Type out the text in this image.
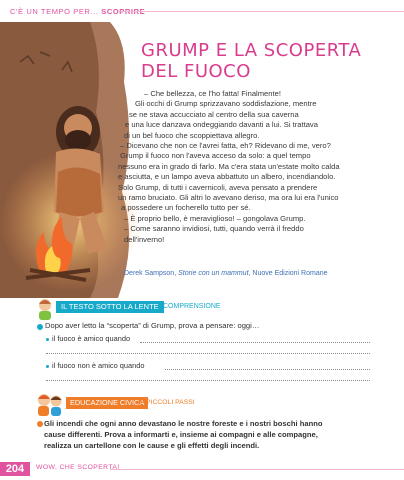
C'È UN TEMPO PER... SCOPRIRE
GRUMP E LA SCOPERTA
DEL FUOCO

– Che bellezza, ce l'ho fatta! Finalmente!

Gli occhi di Grump sprizzavano soddisfazione, mentre

se ne stava accucciato al centro della sua caverna

e una luce danzava ondeggiando davanti a lui. Si trattava

di un bel fuoco che scoppiettava allegro.

– Dicevano che non ce l'avrei fatta, eh? Ridevano di me, vero?

Grump il fuoco non l'aveva acceso da solo: a quel tempo

nessuno era in grado di farlo. Ma c'era stata un'estate molto calda

e asciutta, e un lampo aveva abbattuto un albero, incendiandolo.

Solo Grump, di tutti i cavernicoli, aveva pensato a prendere

un ramo bruciato. Gli altri lo avevano deriso, ma ora lui era l'unico

a possedere un focherello tutto per sé.

– È proprio bello, è meraviglioso! – gongolava Grump.

– Come saranno invidiosi, tutti, quando verrà il freddo

dell'inverno!

Derek Sampson, Storie con un mammut, Nuove Edizioni Romane
IL TESTO SOTTO LA LENTE COMPRENSIONE
Dopo aver letto la “scoperta” di Grump, prova a pensare: oggi…
il fuoco è amico quando
il fuoco non è amico quando
EDUCAZIONE CIVICA
A PICCOLI PASSI

Gli incendi che ogni anno devastano le nostre foreste e i nostri boschi hanno

cause differenti. Prova a informarti e, insieme ai compagni e alle compagne,

realizza un cartellone con le cause e gli effetti degli incendi.

204	WOW, CHE SCOPERTA!
